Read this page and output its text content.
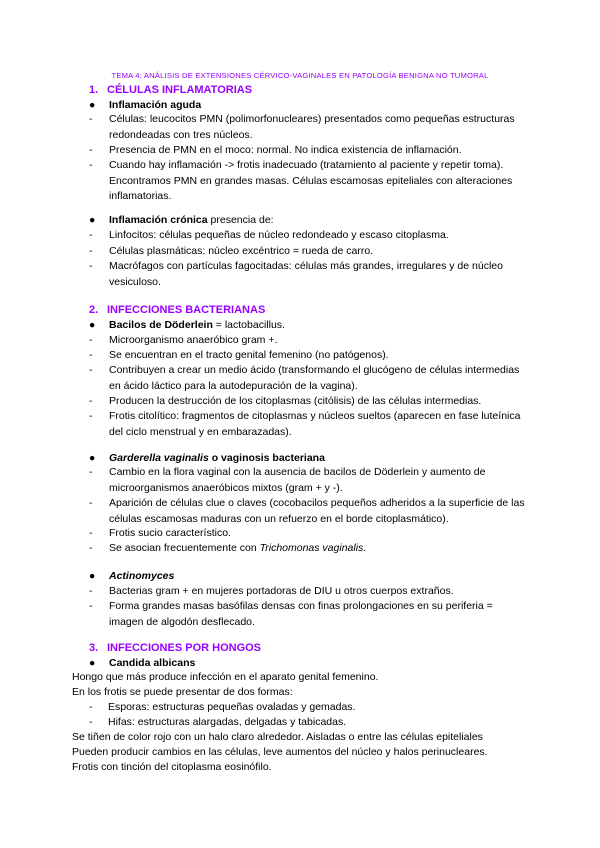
TEMA 4: ANÁLISIS DE EXTENSIONES CÉRVICO-VAGINALES EN PATOLOGÍA BENIGNA NO TUMORAL
1. CÉLULAS INFLAMATORIAS
● Inflamación aguda
- Células: leucocitos PMN (polimorfonucleares) presentados como pequeñas estructuras redondeadas con tres núcleos.
- Presencia de PMN en el moco: normal. No indica existencia de inflamación.
- Cuando hay inflamación -> frotis inadecuado (tratamiento al paciente y repetir toma). Encontramos PMN en grandes masas. Células escamosas epiteliales con alteraciones inflamatorias.
● Inflamación crónica presencia de:
- Linfocitos: células pequeñas de núcleo redondeado y escaso citoplasma.
- Células plasmáticas: núcleo excéntrico = rueda de carro.
- Macrófagos con partículas fagocitadas: células más grandes, irregulares y de núcleo vesiculoso.
2. INFECCIONES BACTERIANAS
● Bacilos de Döderlein = lactobacillus.
- Microorganismo anaeróbico gram +.
- Se encuentran en el tracto genital femenino (no patógenos).
- Contribuyen a crear un medio ácido (transformando el glucógeno de células intermedias en ácido láctico para la autodepuración de la vagina).
- Producen la destrucción de los citoplasmas (citólisis) de las células intermedias.
- Frotis citolítico: fragmentos de citoplasmas y núcleos sueltos (aparecen en fase luteínica del ciclo menstrual y en embarazadas).
● Garderella vaginalis o vaginosis bacteriana
- Cambio en la flora vaginal con la ausencia de bacilos de Döderlein y aumento de microorganismos anaeróbicos mixtos (gram + y -).
- Aparición de células clue o claves (cocobacilos pequeños adheridos a la superficie de las células escamosas maduras con un refuerzo en el borde citoplasmático).
- Frotis sucio característico.
- Se asocian frecuentemente con Trichomonas vaginalis.
● Actinomyces
- Bacterias gram + en mujeres portadoras de DIU u otros cuerpos extraños.
- Forma grandes masas basófilas densas con finas prolongaciones en su periferia = imagen de algodón desflecado.
3. INFECCIONES POR HONGOS
● Candida albicans
Hongo que más produce infección en el aparato genital femenino.
En los frotis se puede presentar de dos formas:
- Esporas: estructuras pequeñas ovaladas y gemadas.
- Hifas: estructuras alargadas, delgadas y tabicadas.
Se tiñen de color rojo con un halo claro alrededor. Aisladas o entre las células epiteliales
Pueden producir cambios en las células, leve aumentos del núcleo y halos perinucleares.
Frotis con tinción del citoplasma eosinófilo.
